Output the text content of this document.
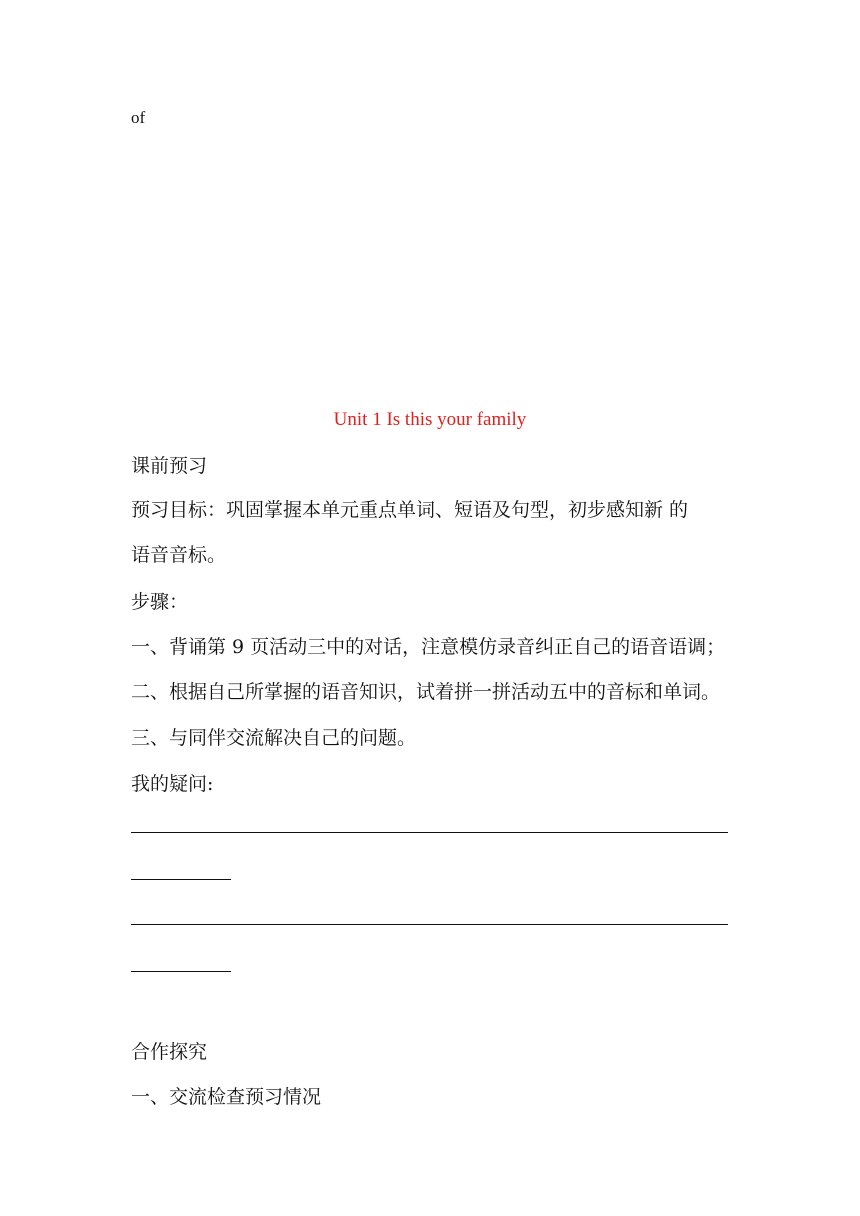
of
Unit 1 Is this your family
课前预习
预习目标：巩固掌握本单元重点单词、短语及句型，初步感知新 的
语音音标。
步骤：
一、背诵第 9 页活动三中的对话，注意模仿录音纠正自己的语音语调；
二、根据自己所掌握的语音知识，试着拼一拼活动五中的音标和单词。
三、与同伴交流解决自己的问题。
我的疑问:
合作探究
一、交流检查预习情况
